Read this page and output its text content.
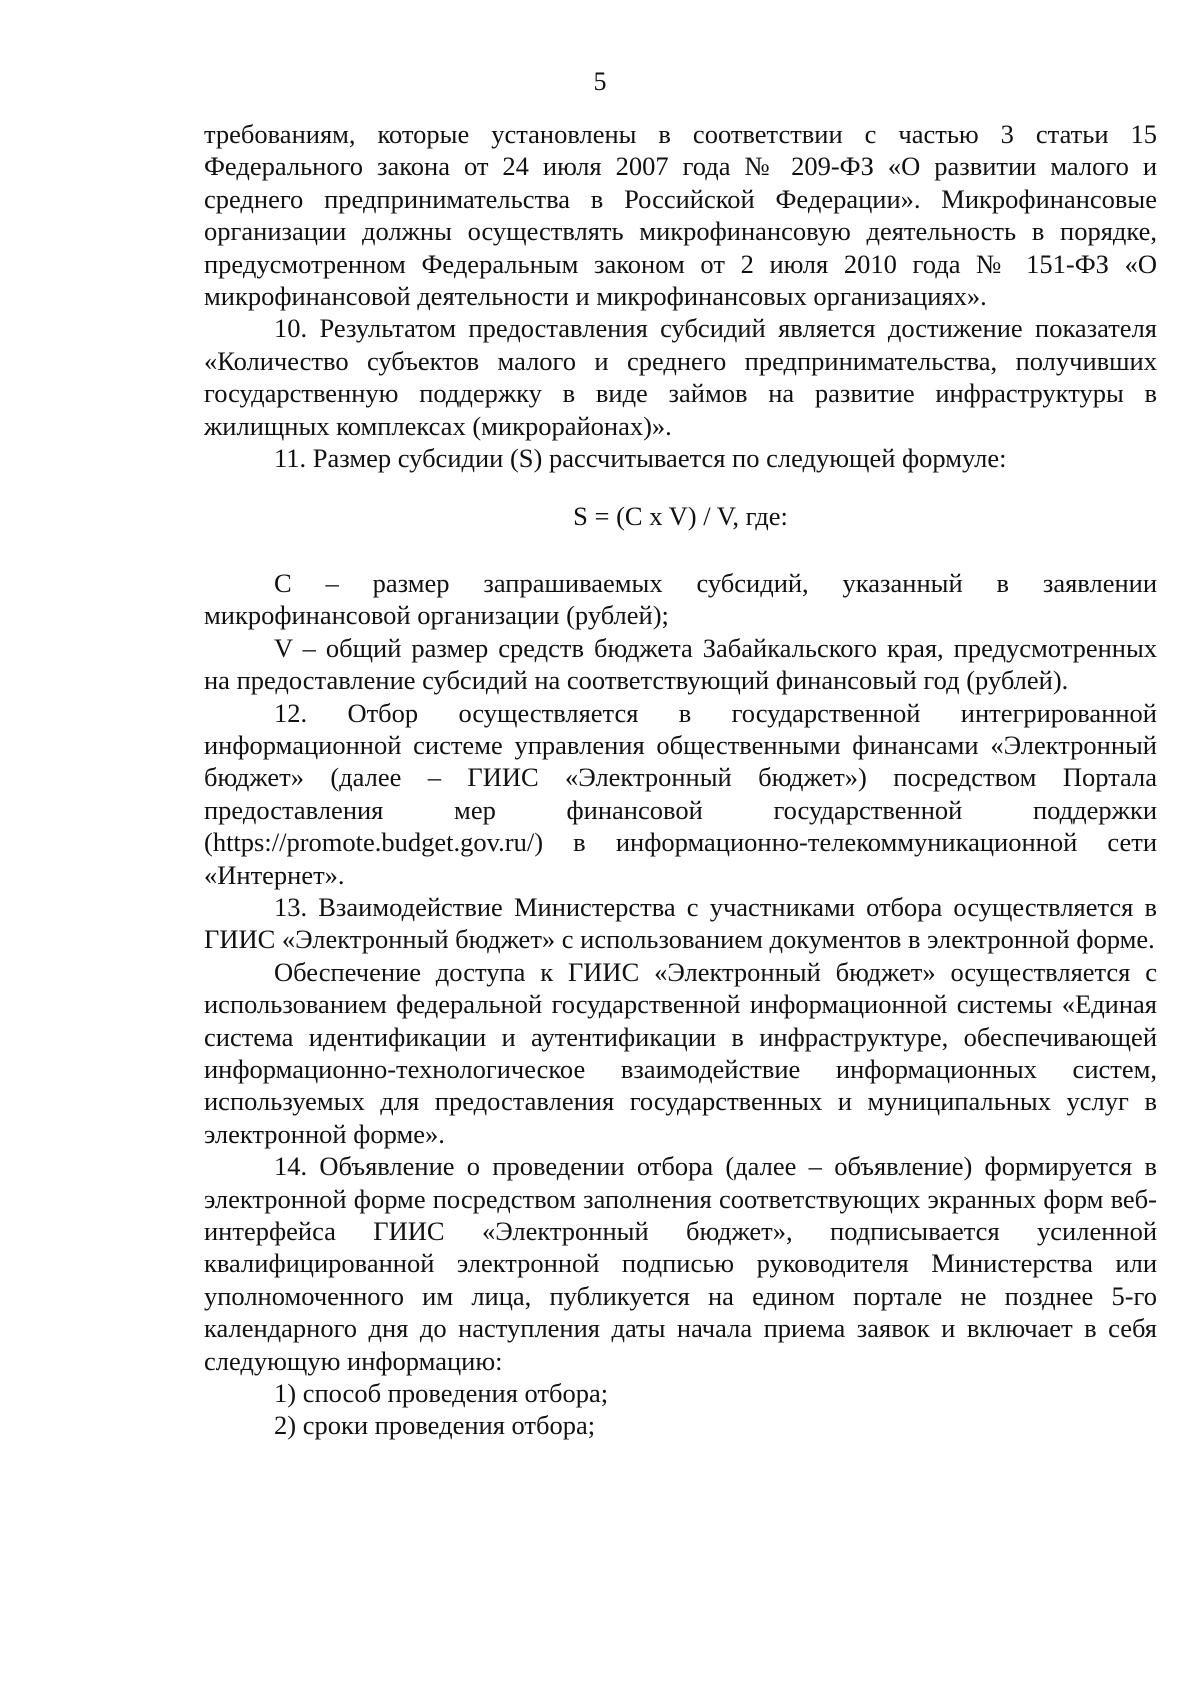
5

требованиям, которые установлены в соответствии с частью 3 статьи 15 Федерального закона от 24 июля 2007 года № 209-ФЗ «О развитии малого и среднего предпринимательства в Российской Федерации». Микрофинансовые организации должны осуществлять микрофинансовую деятельность в порядке, предусмотренном Федеральным законом от 2 июля 2010 года № 151-ФЗ «О микрофинансовой деятельности и микрофинансовых организациях».

10. Результатом предоставления субсидий является достижение показателя «Количество субъектов малого и среднего предпринимательства, получивших государственную поддержку в виде займов на развитие инфраструктуры в жилищных комплексах (микрорайонах)».

11. Размер субсидии (S) рассчитывается по следующей формуле:

S = (C x V) / V, где:

C – размер запрашиваемых субсидий, указанный в заявлении микрофинансовой организации (рублей);

V – общий размер средств бюджета Забайкальского края, предусмотренных на предоставление субсидий на соответствующий финансовый год (рублей).

12. Отбор осуществляется в государственной интегрированной информационной системе управления общественными финансами «Электронный бюджет» (далее – ГИИС «Электронный бюджет») посредством Портала предоставления мер финансовой государственной поддержки (https://promote.budget.gov.ru/) в информационно-телекоммуникационной сети «Интернет».

13. Взаимодействие Министерства с участниками отбора осуществляется в ГИИС «Электронный бюджет» с использованием документов в электронной форме.

Обеспечение доступа к ГИИС «Электронный бюджет» осуществляется с использованием федеральной государственной информационной системы «Единая система идентификации и аутентификации в инфраструктуре, обеспечивающей информационно-технологическое взаимодействие информационных систем, используемых для предоставления государственных и муниципальных услуг в электронной форме».

14. Объявление о проведении отбора (далее – объявление) формируется в электронной форме посредством заполнения соответствующих экранных форм веб-интерфейса ГИИС «Электронный бюджет», подписывается усиленной квалифицированной электронной подписью руководителя Министерства или уполномоченного им лица, публикуется на едином портале не позднее 5-го календарного дня до наступления даты начала приема заявок и включает в себя следующую информацию:

1) способ проведения отбора;

2) сроки проведения отбора;
